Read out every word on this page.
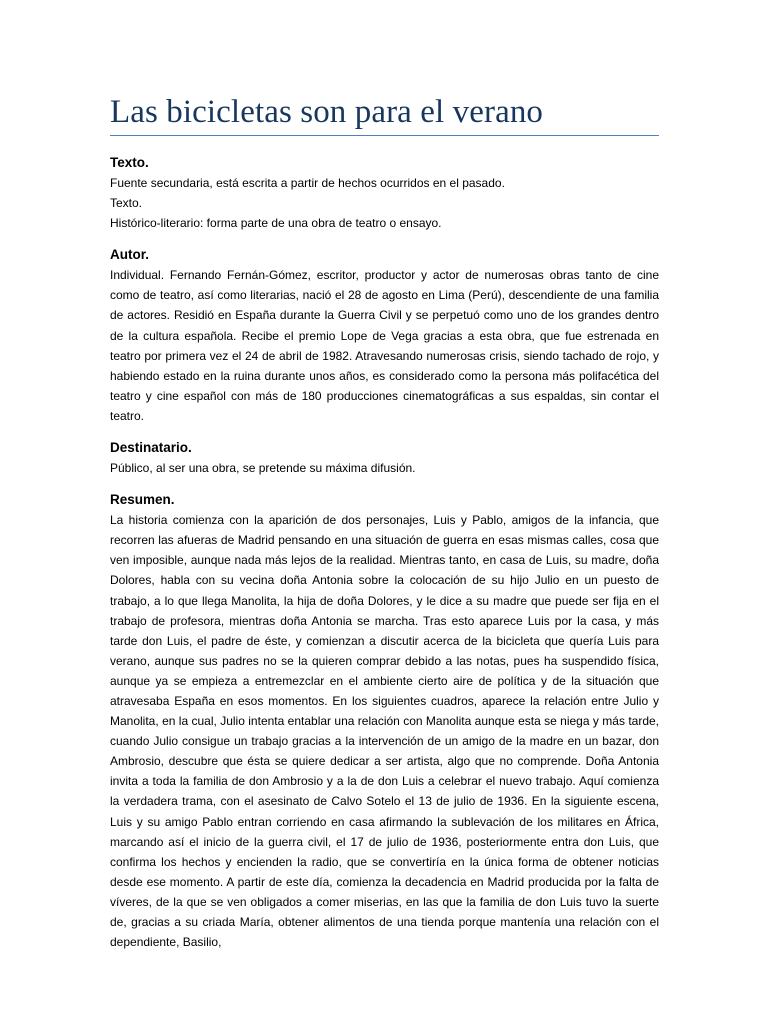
Las bicicletas son para el verano

Texto.

Fuente secundaria, está escrita a partir de hechos ocurridos en el pasado.

Texto.

Histórico-literario: forma parte de una obra de teatro o ensayo.

Autor.

Individual. Fernando Fernán-Gómez, escritor, productor y actor de numerosas obras tanto de cine como de teatro, así como literarias, nació el 28 de agosto en Lima (Perú), descendiente de una familia de actores. Residió en España durante la Guerra Civil y se perpetuó como uno de los grandes dentro de la cultura española. Recibe el premio Lope de Vega gracias a esta obra, que fue estrenada en teatro por primera vez el 24 de abril de 1982. Atravesando numerosas crisis, siendo tachado de rojo, y habiendo estado en la ruina durante unos años, es considerado como la persona más polifacética del teatro y cine español con más de 180 producciones cinematográficas a sus espaldas, sin contar el teatro.

Destinatario.

Público, al ser una obra, se pretende su máxima difusión.

Resumen.

La historia comienza con la aparición de dos personajes, Luis y Pablo, amigos de la infancia, que recorren las afueras de Madrid pensando en una situación de guerra en esas mismas calles, cosa que ven imposible, aunque nada más lejos de la realidad. Mientras tanto, en casa de Luis, su madre, doña Dolores, habla con su vecina doña Antonia sobre la colocación de su hijo Julio en un puesto de trabajo, a lo que llega Manolita, la hija de doña Dolores, y le dice a su madre que puede ser fija en el trabajo de profesora, mientras doña Antonia se marcha. Tras esto aparece Luis por la casa, y más tarde don Luis, el padre de éste, y comienzan a discutir acerca de la bicicleta que quería Luis para verano, aunque sus padres no se la quieren comprar debido a las notas, pues ha suspendido física, aunque ya se empieza a entremezclar en el ambiente cierto aire de política y de la situación que atravesaba España en esos momentos. En los siguientes cuadros, aparece la relación entre Julio y Manolita, en la cual, Julio intenta entablar una relación con Manolita aunque esta se niega y más tarde, cuando Julio consigue un trabajo gracias a la intervención de un amigo de la madre en un bazar, don Ambrosio, descubre que ésta se quiere dedicar a ser artista, algo que no comprende. Doña Antonia invita a toda la familia de don Ambrosio y a la de don Luis a celebrar el nuevo trabajo. Aquí comienza la verdadera trama, con el asesinato de Calvo Sotelo el 13 de julio de 1936. En la siguiente escena, Luis y su amigo Pablo entran corriendo en casa afirmando la sublevación de los militares en África, marcando así el inicio de la guerra civil, el 17 de julio de 1936, posteriormente entra don Luis, que confirma los hechos y encienden la radio, que se convertiría en la única forma de obtener noticias desde ese momento. A partir de este día, comienza la decadencia en Madrid producida por la falta de víveres, de la que se ven obligados a comer miserias, en las que la familia de don Luis tuvo la suerte de, gracias a su criada María, obtener alimentos de una tienda porque mantenía una relación con el dependiente, Basilio,
